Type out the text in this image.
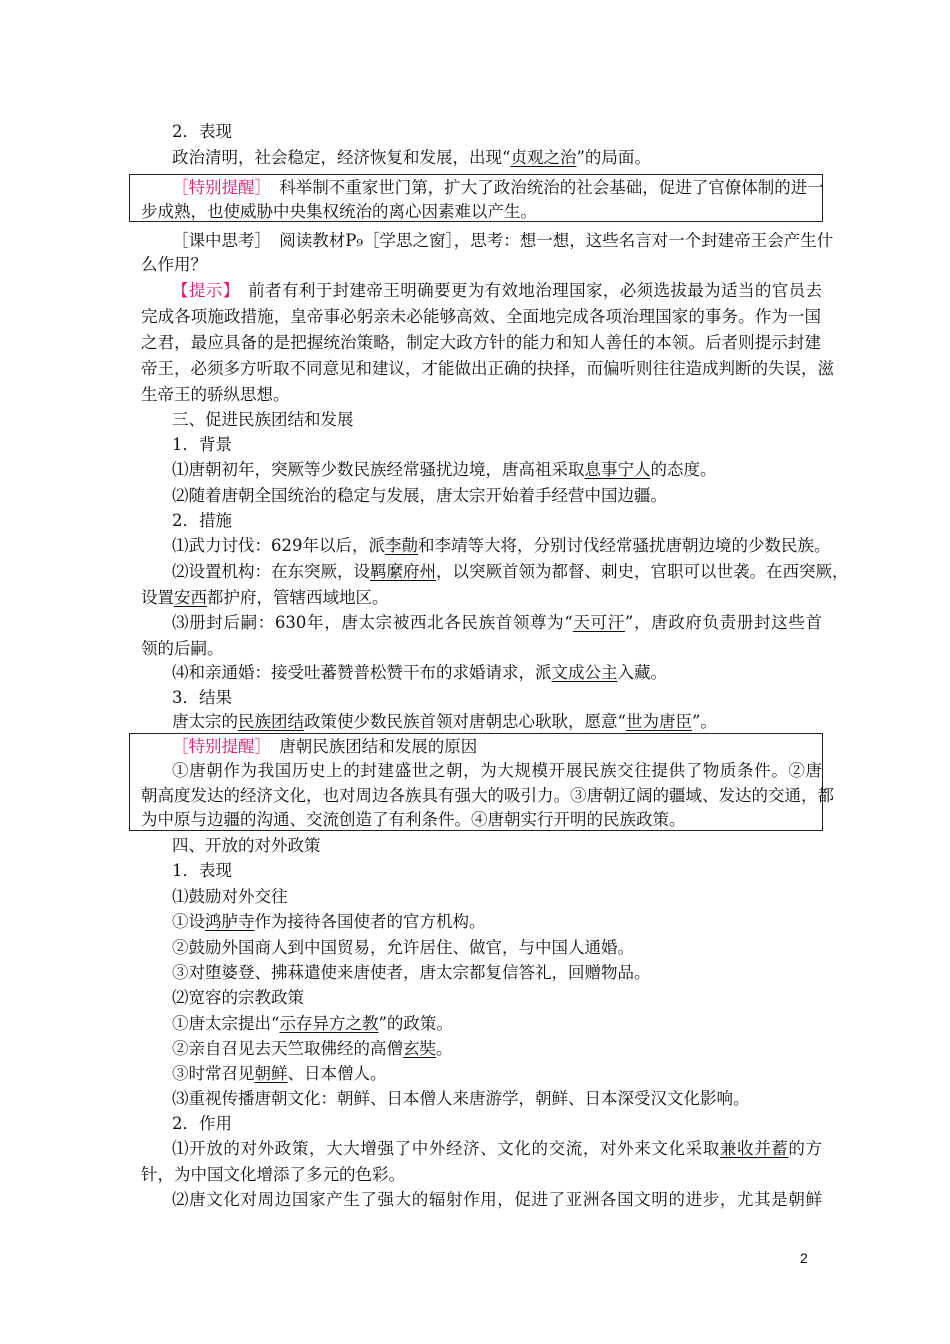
2．表现
政治清明，社会稳定，经济恢复和发展，出现“贞观之治”的局面。
［特别提醒］　科举制不重家世门第，扩大了政治统治的社会基础，促进了官僚体制的进一
步成熟，也使威胁中央集权统治的离心因素难以产生。
［课中思考］　阅读教材P₉［学思之窗］，思考：想一想，这些名言对一个封建帝王会产生什
么作用？
【提示】　前者有利于封建帝王明确要更为有效地治理国家，必须选拔最为适当的官员去
完成各项施政措施，皇帝事必躬亲未必能够高效、全面地完成各项治理国家的事务。作为一国
之君，最应具备的是把握统治策略，制定大政方针的能力和知人善任的本领。后者则提示封建
帝王，必须多方听取不同意见和建议，才能做出正确的抉择，而偏听则往往造成判断的失误，滋
生帝王的骄纵思想。
三、促进民族团结和发展
1．背景
⑴唐朝初年，突厥等少数民族经常骚扰边境，唐高祖采取息事宁人的态度。
⑵随着唐朝全国统治的稳定与发展，唐太宗开始着手经营中国边疆。
2．措施
⑴武力讨伐：629年以后，派李勣和李靖等大将，分别讨伐经常骚扰唐朝边境的少数民族。
⑵设置机构：在东突厥，设羁縻府州，以突厥首领为都督、刺史，官职可以世袭。在西突厥，
设置安西都护府，管辖西域地区。
⑶册封后嗣：630年，唐太宗被西北各民族首领尊为“天可汗”，唐政府负责册封这些首
领的后嗣。
⑷和亲通婚：接受吐蕃赞普松赞干布的求婚请求，派文成公主入藏。
3．结果
唐太宗的民族团结政策使少数民族首领对唐朝忠心耿耿，愿意“世为唐臣”。
［特别提醒］　唐朝民族团结和发展的原因
①唐朝作为我国历史上的封建盛世之朝，为大规模开展民族交往提供了物质条件。②唐
朝高度发达的经济文化，也对周边各族具有强大的吸引力。③唐朝辽阔的疆域、发达的交通，都
为中原与边疆的沟通、交流创造了有利条件。④唐朝实行开明的民族政策。
四、开放的对外政策
1．表现
⑴鼓励对外交往
①设鸿胪寺作为接待各国使者的官方机构。
②鼓励外国商人到中国贸易，允许居住、做官，与中国人通婚。
③对堕婆登、拂菻遣使来唐使者，唐太宗都复信答礼，回赠物品。
⑵宽容的宗教政策
①唐太宗提出“示存异方之教”的政策。
②亲自召见去天竺取佛经的高僧玄奘。
③时常召见朝鲜、日本僧人。
⑶重视传播唐朝文化：朝鲜、日本僧人来唐游学，朝鲜、日本深受汉文化影响。
2．作用
⑴开放的对外政策，大大增强了中外经济、文化的交流，对外来文化采取兼收并蓄的方
针，为中国文化增添了多元的色彩。
⑵唐文化对周边国家产生了强大的辐射作用，促进了亚洲各国文明的进步，尤其是朝鲜
2
